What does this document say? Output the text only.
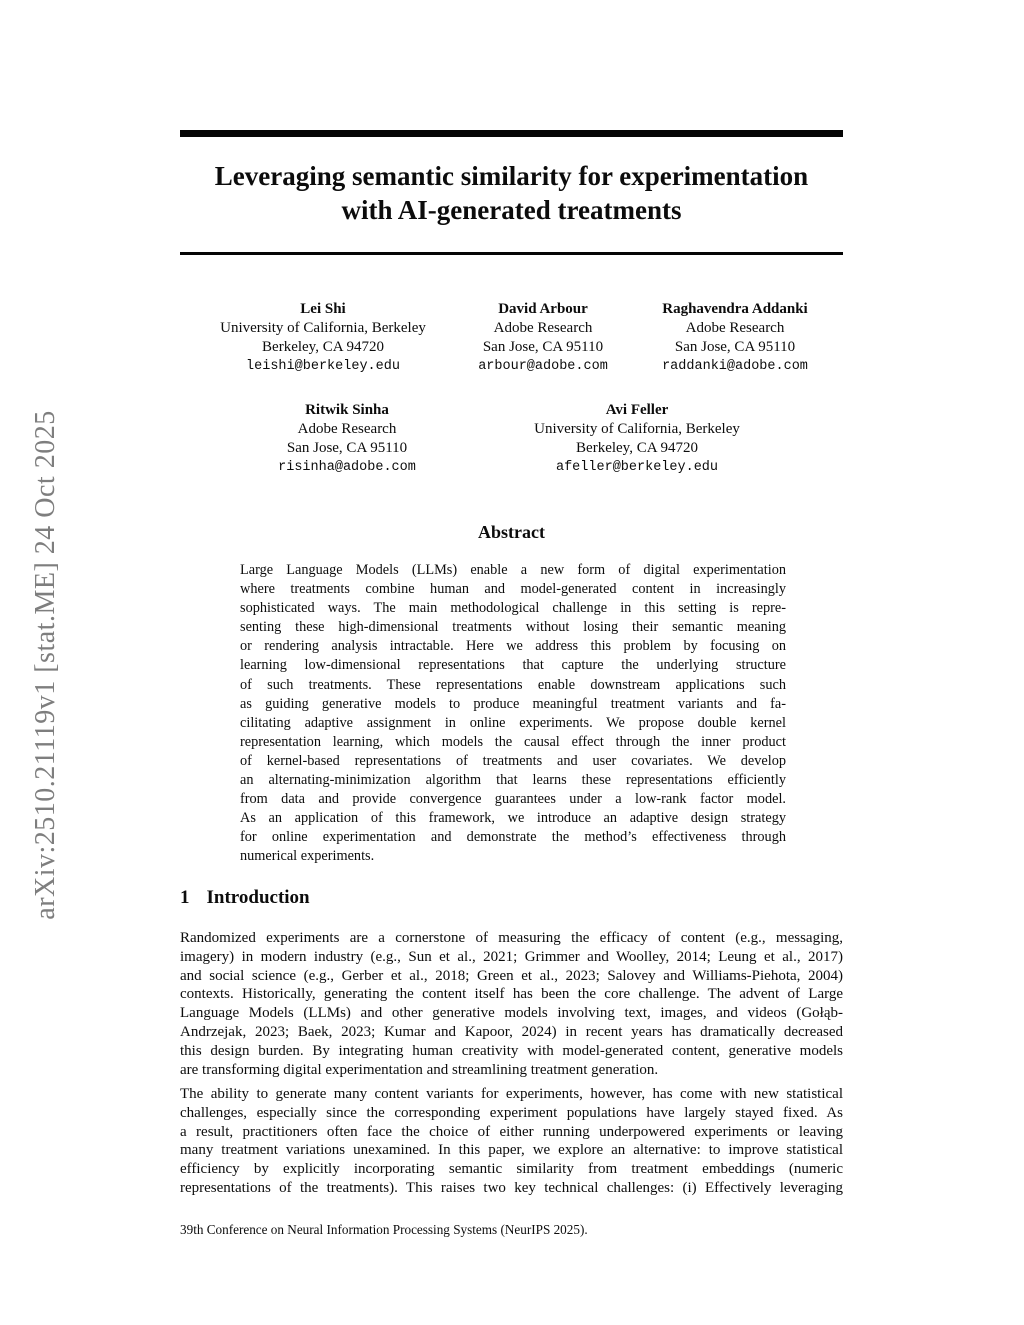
arXiv:2510.21119v1 [stat.ME] 24 Oct 2025
Leveraging semantic similarity for experimentation
with AI-generated treatments
Lei Shi
University of California, Berkeley
Berkeley, CA 94720
leishi@berkeley.edu
David Arbour
Adobe Research
San Jose, CA 95110
arbour@adobe.com
Raghavendra Addanki
Adobe Research
San Jose, CA 95110
raddanki@adobe.com
Ritwik Sinha
Adobe Research
San Jose, CA 95110
risinha@adobe.com
Avi Feller
University of California, Berkeley
Berkeley, CA 94720
afeller@berkeley.edu
Abstract
Large Language Models (LLMs) enable a new form of digital experimentation
where treatments combine human and model-generated content in increasingly
sophisticated ways. The main methodological challenge in this setting is repre-
senting these high-dimensional treatments without losing their semantic meaning
or rendering analysis intractable. Here we address this problem by focusing on
learning low-dimensional representations that capture the underlying structure
of such treatments. These representations enable downstream applications such
as guiding generative models to produce meaningful treatment variants and fa-
cilitating adaptive assignment in online experiments. We propose double kernel
representation learning, which models the causal effect through the inner product
of kernel-based representations of treatments and user covariates. We develop
an alternating-minimization algorithm that learns these representations efficiently
from data and provide convergence guarantees under a low-rank factor model.
As an application of this framework, we introduce an adaptive design strategy
for online experimentation and demonstrate the method’s effectiveness through
numerical experiments.
1 Introduction
Randomized experiments are a cornerstone of measuring the efficacy of content (e.g., messaging,
imagery) in modern industry (e.g., Sun et al., 2021; Grimmer and Woolley, 2014; Leung et al., 2017)
and social science (e.g., Gerber et al., 2018; Green et al., 2023; Salovey and Williams-Piehota, 2004)
contexts. Historically, generating the content itself has been the core challenge. The advent of Large
Language Models (LLMs) and other generative models involving text, images, and videos (Gołąb-
Andrzejak, 2023; Baek, 2023; Kumar and Kapoor, 2024) in recent years has dramatically decreased
this design burden. By integrating human creativity with model-generated content, generative models
are transforming digital experimentation and streamlining treatment generation.
The ability to generate many content variants for experiments, however, has come with new statistical
challenges, especially since the corresponding experiment populations have largely stayed fixed. As
a result, practitioners often face the choice of either running underpowered experiments or leaving
many treatment variations unexamined. In this paper, we explore an alternative: to improve statistical
efficiency by explicitly incorporating semantic similarity from treatment embeddings (numeric
representations of the treatments). This raises two key technical challenges: (i) Effectively leveraging
39th Conference on Neural Information Processing Systems (NeurIPS 2025).
